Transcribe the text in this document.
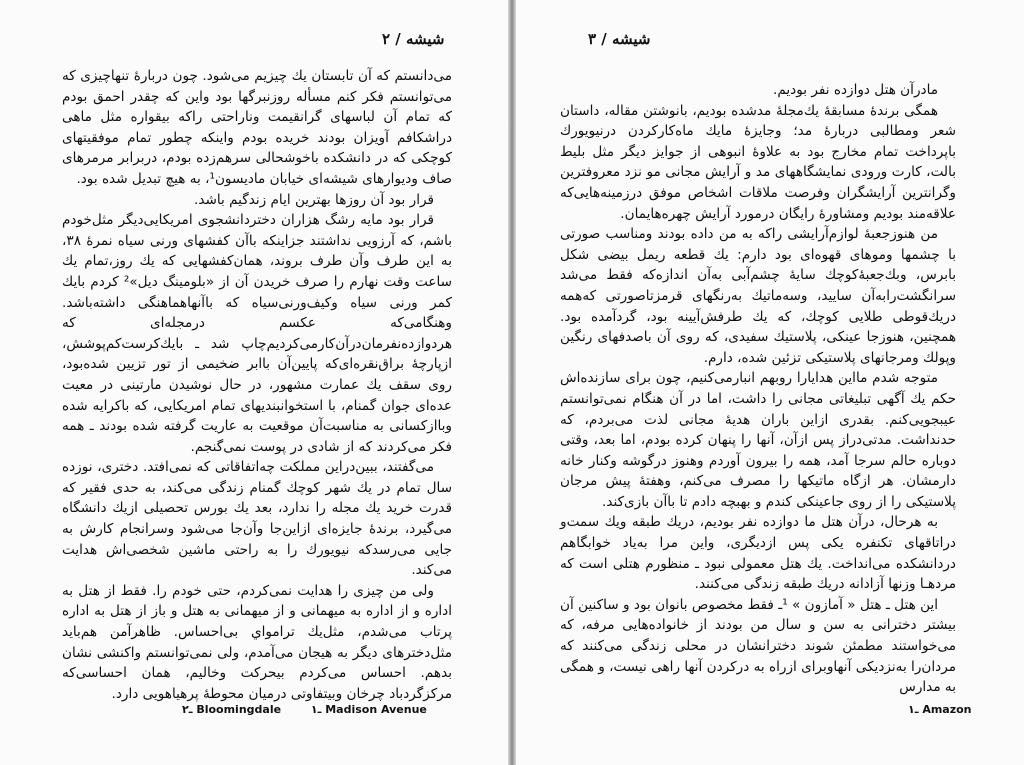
شیشه / ۲

می‌دانستم که آن تابستان یك چیزیم می‌شود. چون دربارهٔ تنهاچیزی که می‌توانستم فکر کنم مسأله روزنبرگها بود واین که چقدر احمق بودم که تمام آن لباسهای گرانقیمت وناراحتی راکه بیقواره مثل ماهی دراشکافم آویزان بودند خریده بودم واینکه چطور تمام موفقیتهای کوچکی که در دانشکده باخوشحالی سرهم‌زده بودم، دربرابر مرمرهای صاف ودیوارهای شیشه‌ای خیابان مادیسون¹، به هیچ تبدیل شده بود.

قرار بود آن روزها بهترین ایام زندگیم باشد.

قرار بود مایه رشگ هزاران دختردانشجوی امریکایی‌دیگر مثل‌خودم باشم، که آرزویی نداشتند جزاینکه باآن کفشهای ورنی سیاه نمرهٔ ۳۸، به این طرف وآن طرف بروند، همان‌کفشهایی که یك روز،تمام یك ساعت وقت نهارم را صرف خریدن آن از «بلومینگ دیل»² کردم بایك کمر ورنی سیاه وکیف‌ورنی‌سیاه که باآنهاهماهنگی داشته‌باشد. وهنگامی‌که عکسم درمجله‌ای که هردوازده‌نفرمان‌درآن‌کارمی‌کردیم‌چاپ شد ـ بایك‌کرست‌کم‌پوشش، ازپارچهٔ براق‌نقره‌ای‌که پایین‌آن باابر ضخیمی از تور تزیین شده‌بود، روی سقف یك عمارت مشهور، در حال نوشیدن مارتینی در معیت عده‌ای جوان گمنام، با استخوانبندیهای تمام امریکایی، که باکرایه شده وباازکسانی به مناسبت‌آن موقعیت به عاریت گرفته شده بودند ـ همه فکر می‌کردند که از شادی در پوست نمی‌گنجم.

می‌گفتند، ببین‌دراین مملکت چه‌اتفاقاتی که نمی‌افتد. دختری، نوزده سال تمام در یك شهر کوچك گمنام زندگی می‌کند، به حدی فقیر که قدرت خرید یك مجله را ندارد، بعد یك بورس تحصیلی ازیك دانشگاه می‌گیرد، برندهٔ جایزه‌ای ازاین‌جا وآن‌جا می‌شود وسرانجام کارش به جایی می‌رسدکه نیویورك را به راحتی ماشین شخصی‌اش هدایت می‌کند.

ولی من چیزی را هدایت نمی‌کردم، حتی خودم را. فقط از هتل به اداره و از اداره به میهمانی و از میهمانی به هتل و باز از هتل به اداره پرتاب می‌شدم، مثل‌یك ترامواي بی‌احساس. ظاهرآمن هم‌باید مثل‌دخترهای دیگر به هیجان می‌آمدم، ولی نمی‌توانستم واکنشی نشان بدهم. احساس می‌کردم بیحرکت وخالیم، همان احساسی‌که مرکزگردباد چرخان وبیتفاوتی درمیان محوطهٔ پرهیاهویی دارد.

۲ـ Bloomingdale	۱ـ Madison Avenue
شیشه / ۳

مادرآن هتل دوازده نفر بودیم.

همگی برندهٔ مسابقهٔ یك‌مجلهٔ مدشده بودیم، بانوشتن مقاله، داستان شعر ومطالبی دربارهٔ مد؛ وجایزهٔ مایك ماه‌کارکردن درنیویورك باپرداخت تمام مخارج بود به علاوهٔ انبوهی از جوایز دیگر مثل بلیط بالت، کارت ورودی نمایشگاههای مد و آرایش مجانی مو نزد معروفترین وگرانترین آرایشگران وفرصت ملاقات اشخاص موفق درزمینه‌هایی‌که علاقه‌مند بودیم ومشاورهٔ رایگان درمورد آرایش چهره‌هایمان.

من هنوزجعبهٔ لوازم‌آرایشی راکه به من داده بودند ومناسب صورتی با چشمها وموهای قهوه‌ای بود دارم: یك قطعه ریمل بیضی شکل بابرس، وبك‌جعبهٔ‌کوچك سایهٔ چشم‌آبی به‌آن اندازه‌که فقط می‌شد سرانگشت‌رابه‌آن سایید، وسه‌ماتیك به‌رنگهای قرمزتاصورتی که‌همه دریك‌قوطی طلایی کوچك، که یك طرفش‌آیینه بود، گردآمده بود. همچنین، هنوزجا عینکی، پلاستیك سفیدی، که روی آن باصدفهای رنگین وپولك ومرجانهای پلاستیکی تزئین شده، دارم.

متوجه شدم مااین هدایارا روبهم انبارمی‌کنیم، چون برای سازنده‌اش حکم یك آگهی تبلیغاتی مجانی را داشت، اما در آن هنگام نمی‌توانستم عیبجویی‌کنم. بقدری ازاین باران هدیهٔ مجانی لذت می‌بردم، که حدنداشت. مدتی‌دراز پس ازآن، آنها را پنهان کرده بودم، اما بعد، وقتی دوباره حالم سرجا آمد، همه را بیرون آوردم وهنوز درگوشه وکنار خانه دارمشان. هر ازگاه ماتیکها را مصرف می‌کنم، وهفتهٔ پیش مرجان پلاستیکی را از روی جاعینکی کندم و بهبچه دادم تا باآن بازی‌کند.

به هرحال، درآن هتل ما دوازده نفر بودیم، دریك طبقه ویك سمت‌و دراتاقهای تکنفره یکی پس ازدیگری، واین مرا به‌یاد خوابگاهم دردانشکده می‌انداخت. یك هتل معمولی نبود ـ منظورم هتلی است که مردهـا وزنها آزادانه دریك طبقه زندگی می‌کنند.

این هتل ـ هتل « آمازون » ¹ـ فقط مخصوص بانوان بود و ساکنین آن بیشتر دخترانی به سن و سال من بودند از خانواده‌هایی مرفه، که می‌خواستند مطمئن شوند دخترانشان در محلی زندگی می‌کنند که مردان‌را به‌نزدیکی آنهاوبرای ازراه به درکردن آنها راهی نیست، و همگی به مدارس

۱ـ Amazon
